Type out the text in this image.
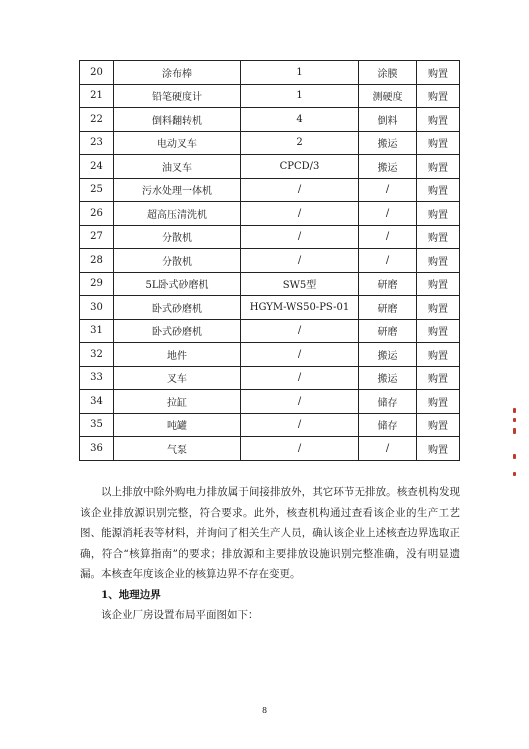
20	涂布棒	1	涂膜	购置
21	铅笔硬度计	1	测硬度	购置
22	倒料翻转机	4	倒料	购置
23	电动叉车	2	搬运	购置
24	油叉车	CPCD/3	搬运	购置
25	污水处理一体机	/	/	购置
26	超高压清洗机	/	/	购置
27	分散机	/	/	购置
28	分散机	/	/	购置
29	5L卧式砂磨机	SW5型	研磨	购置
30	卧式砂磨机	HGYM-WS50-PS-01	研磨	购置
31	卧式砂磨机	/	研磨	购置
32	地件	/	搬运	购置
33	叉车	/	搬运	购置
34	拉缸	/	储存	购置
35	吨罐	/	储存	购置
36	气泵	/	/	购置

以上排放中除外购电力排放属于间接排放外，其它环节无排放。核查机构发现该企业排放源识别完整，符合要求。此外，核查机构通过查看该企业的生产工艺图、能源消耗表等材料，并询问了相关生产人员，确认该企业上述核查边界选取正确，符合“核算指南”的要求；排放源和主要排放设施识别完整准确，没有明显遗漏。 本核查年度该企业的核算边界不存在变更。

1、地理边界

该企业厂房设置布局平面图如下：

8
